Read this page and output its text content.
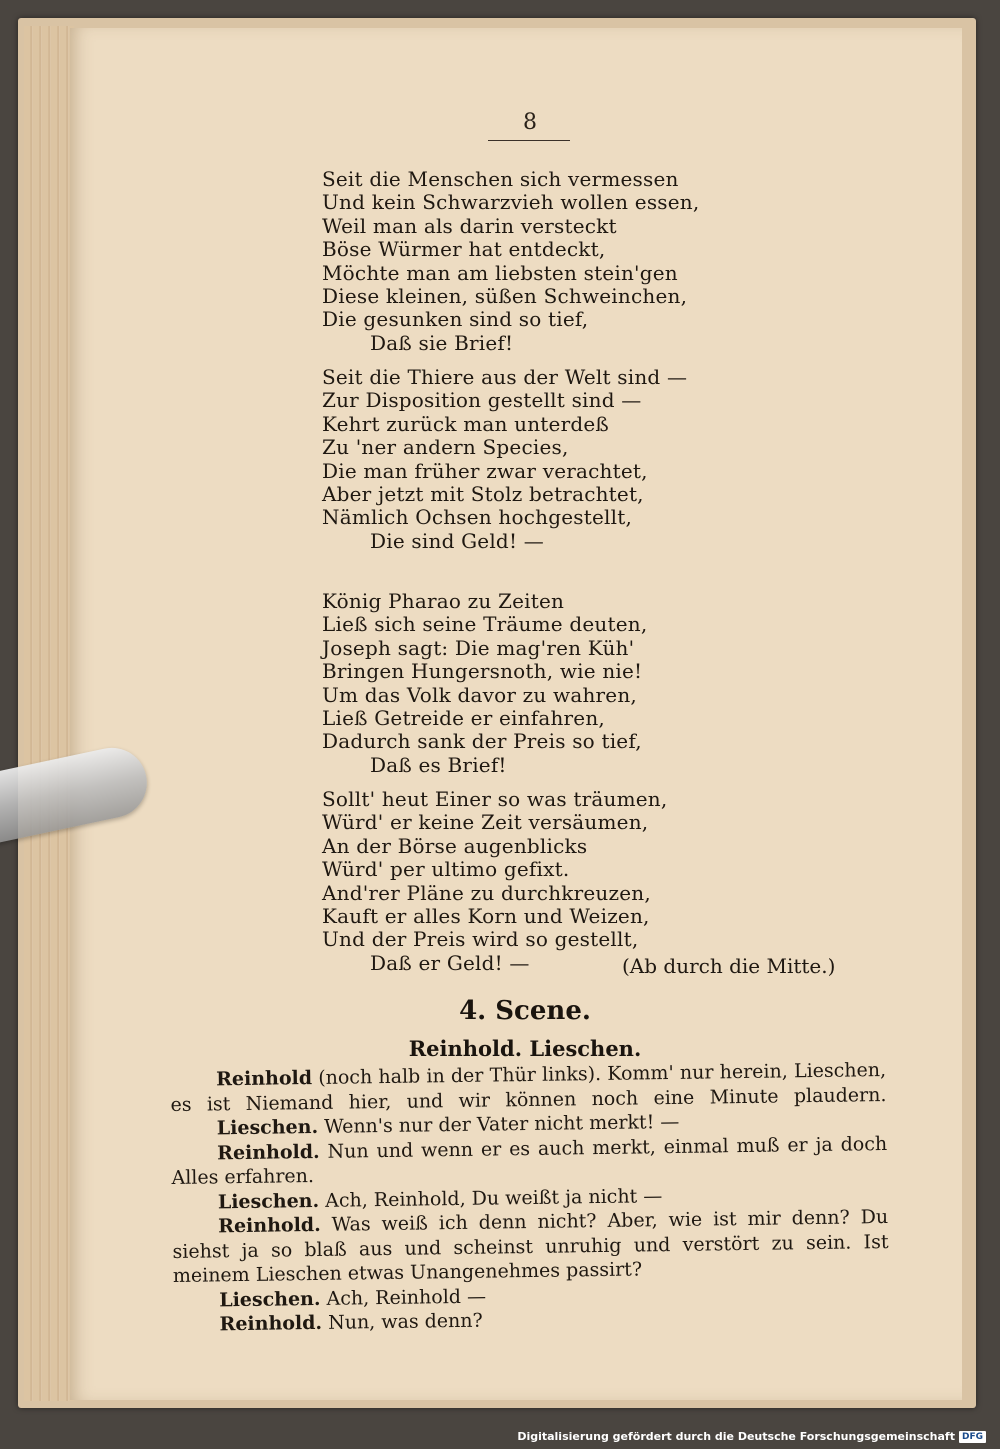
8
Seit die Menschen sich vermessen
Und kein Schwarzvieh wollen essen,
Weil man als darin versteckt
Böse Würmer hat entdeckt,
Möchte man am liebsten stein'gen
Diese kleinen, süßen Schweinchen,
Die gesunken sind so tief,
Daß sie Brief!
Seit die Thiere aus der Welt sind —
Zur Disposition gestellt sind —
Kehrt zurück man unterdeß
Zu 'ner andern Species,
Die man früher zwar verachtet,
Aber jetzt mit Stolz betrachtet,
Nämlich Ochsen hochgestellt,
Die sind Geld! —
König Pharao zu Zeiten
Ließ sich seine Träume deuten,
Joseph sagt: Die mag'ren Küh'
Bringen Hungersnoth, wie nie!
Um das Volk davor zu wahren,
Ließ Getreide er einfahren,
Dadurch sank der Preis so tief,
Daß es Brief!
Sollt' heut Einer so was träumen,
Würd' er keine Zeit versäumen,
An der Börse augenblicks
Würd' per ultimo gefixt.
And'rer Pläne zu durchkreuzen,
Kauft er alles Korn und Weizen,
Und der Preis wird so gestellt,
Daß er Geld! —	(Ab durch die Mitte.)
4. Scene.
Reinhold. Lieschen.
Reinhold (noch halb in der Thür links). Komm' nur herein, Lieschen,
es ist Niemand hier, und wir können noch eine Minute plaudern.
Lieschen. Wenn's nur der Vater nicht merkt! —
Reinhold. Nun und wenn er es auch merkt, einmal muß er ja doch
Alles erfahren.
Lieschen. Ach, Reinhold, Du weißt ja nicht —
Reinhold. Was weiß ich denn nicht? Aber, wie ist mir denn? Du
siehst ja so blaß aus und scheinst unruhig und verstört zu sein. Ist
meinem Lieschen etwas Unangenehmes passirt?
Lieschen. Ach, Reinhold —
Reinhold. Nun, was denn?
Digitalisierung gefördert durch die Deutsche Forschungsgemeinschaft DFG
